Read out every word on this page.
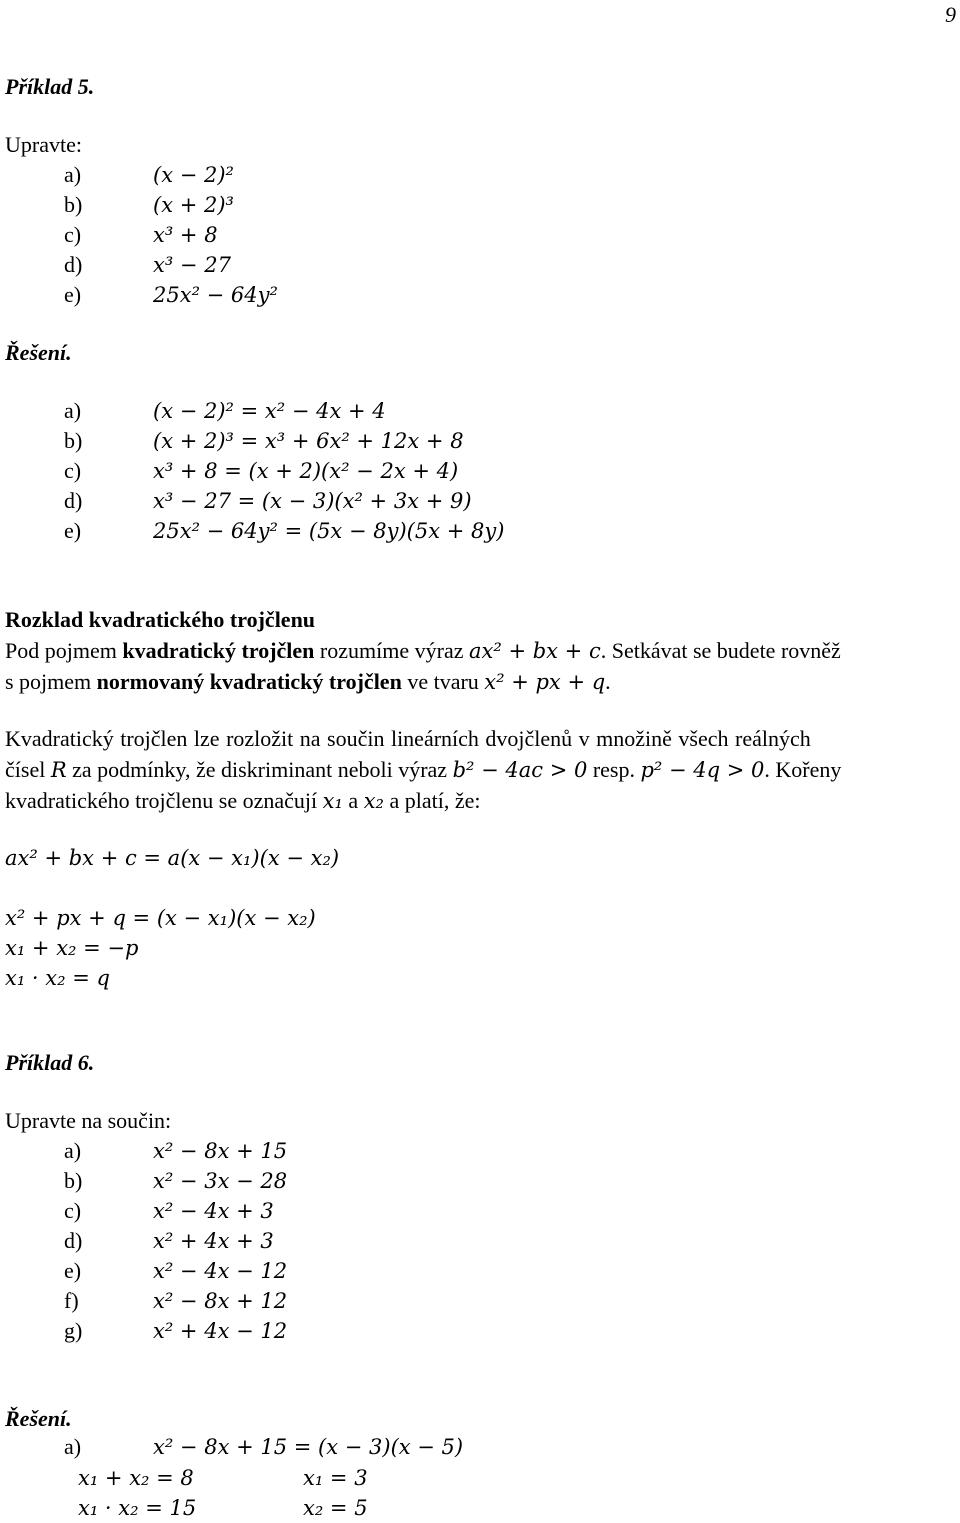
9
Příklad 5.
Upravte:
a)	(x − 2)²
b)	(x + 2)³
c)	x³ + 8
d)	x³ − 27
e)	25x² − 64y²
Řešení.
a)	(x − 2)² = x² − 4x + 4
b)	(x + 2)³ = x³ + 6x² + 12x + 8
c)	x³ + 8 = (x + 2)(x² − 2x + 4)
d)	x³ − 27 = (x − 3)(x² + 3x + 9)
e)	25x² − 64y² = (5x − 8y)(5x + 8y)
Rozklad kvadratického trojčlenu
Pod pojmem kvadratický trojčlen rozumíme výraz ax² + bx + c. Setkávat se budete rovněž
s pojmem normovaný kvadratický trojčlen ve tvaru x² + px + q.
Kvadratický trojčlen lze rozložit na součin lineárních dvojčlenů v množině všech reálných
čísel R za podmínky, že diskriminant neboli výraz b² − 4ac > 0 resp. p² − 4q > 0. Kořeny
kvadratického trojčlenu se označují x₁ a x₂ a platí, že:
ax² + bx + c = a(x − x₁)(x − x₂)
x² + px + q = (x − x₁)(x − x₂)
x₁ + x₂ = −p
x₁ · x₂ = q
Příklad 6.
Upravte na součin:
a)	x² − 8x + 15
b)	x² − 3x − 28
c)	x² − 4x + 3
d)	x² + 4x + 3
e)	x² − 4x − 12
f)	x² − 8x + 12
g)	x² + 4x − 12
Řešení.
a)	x² − 8x + 15 = (x − 3)(x − 5)
x₁ + x₂ = 8	x₁ = 3
x₁ · x₂ = 15	x₂ = 5
